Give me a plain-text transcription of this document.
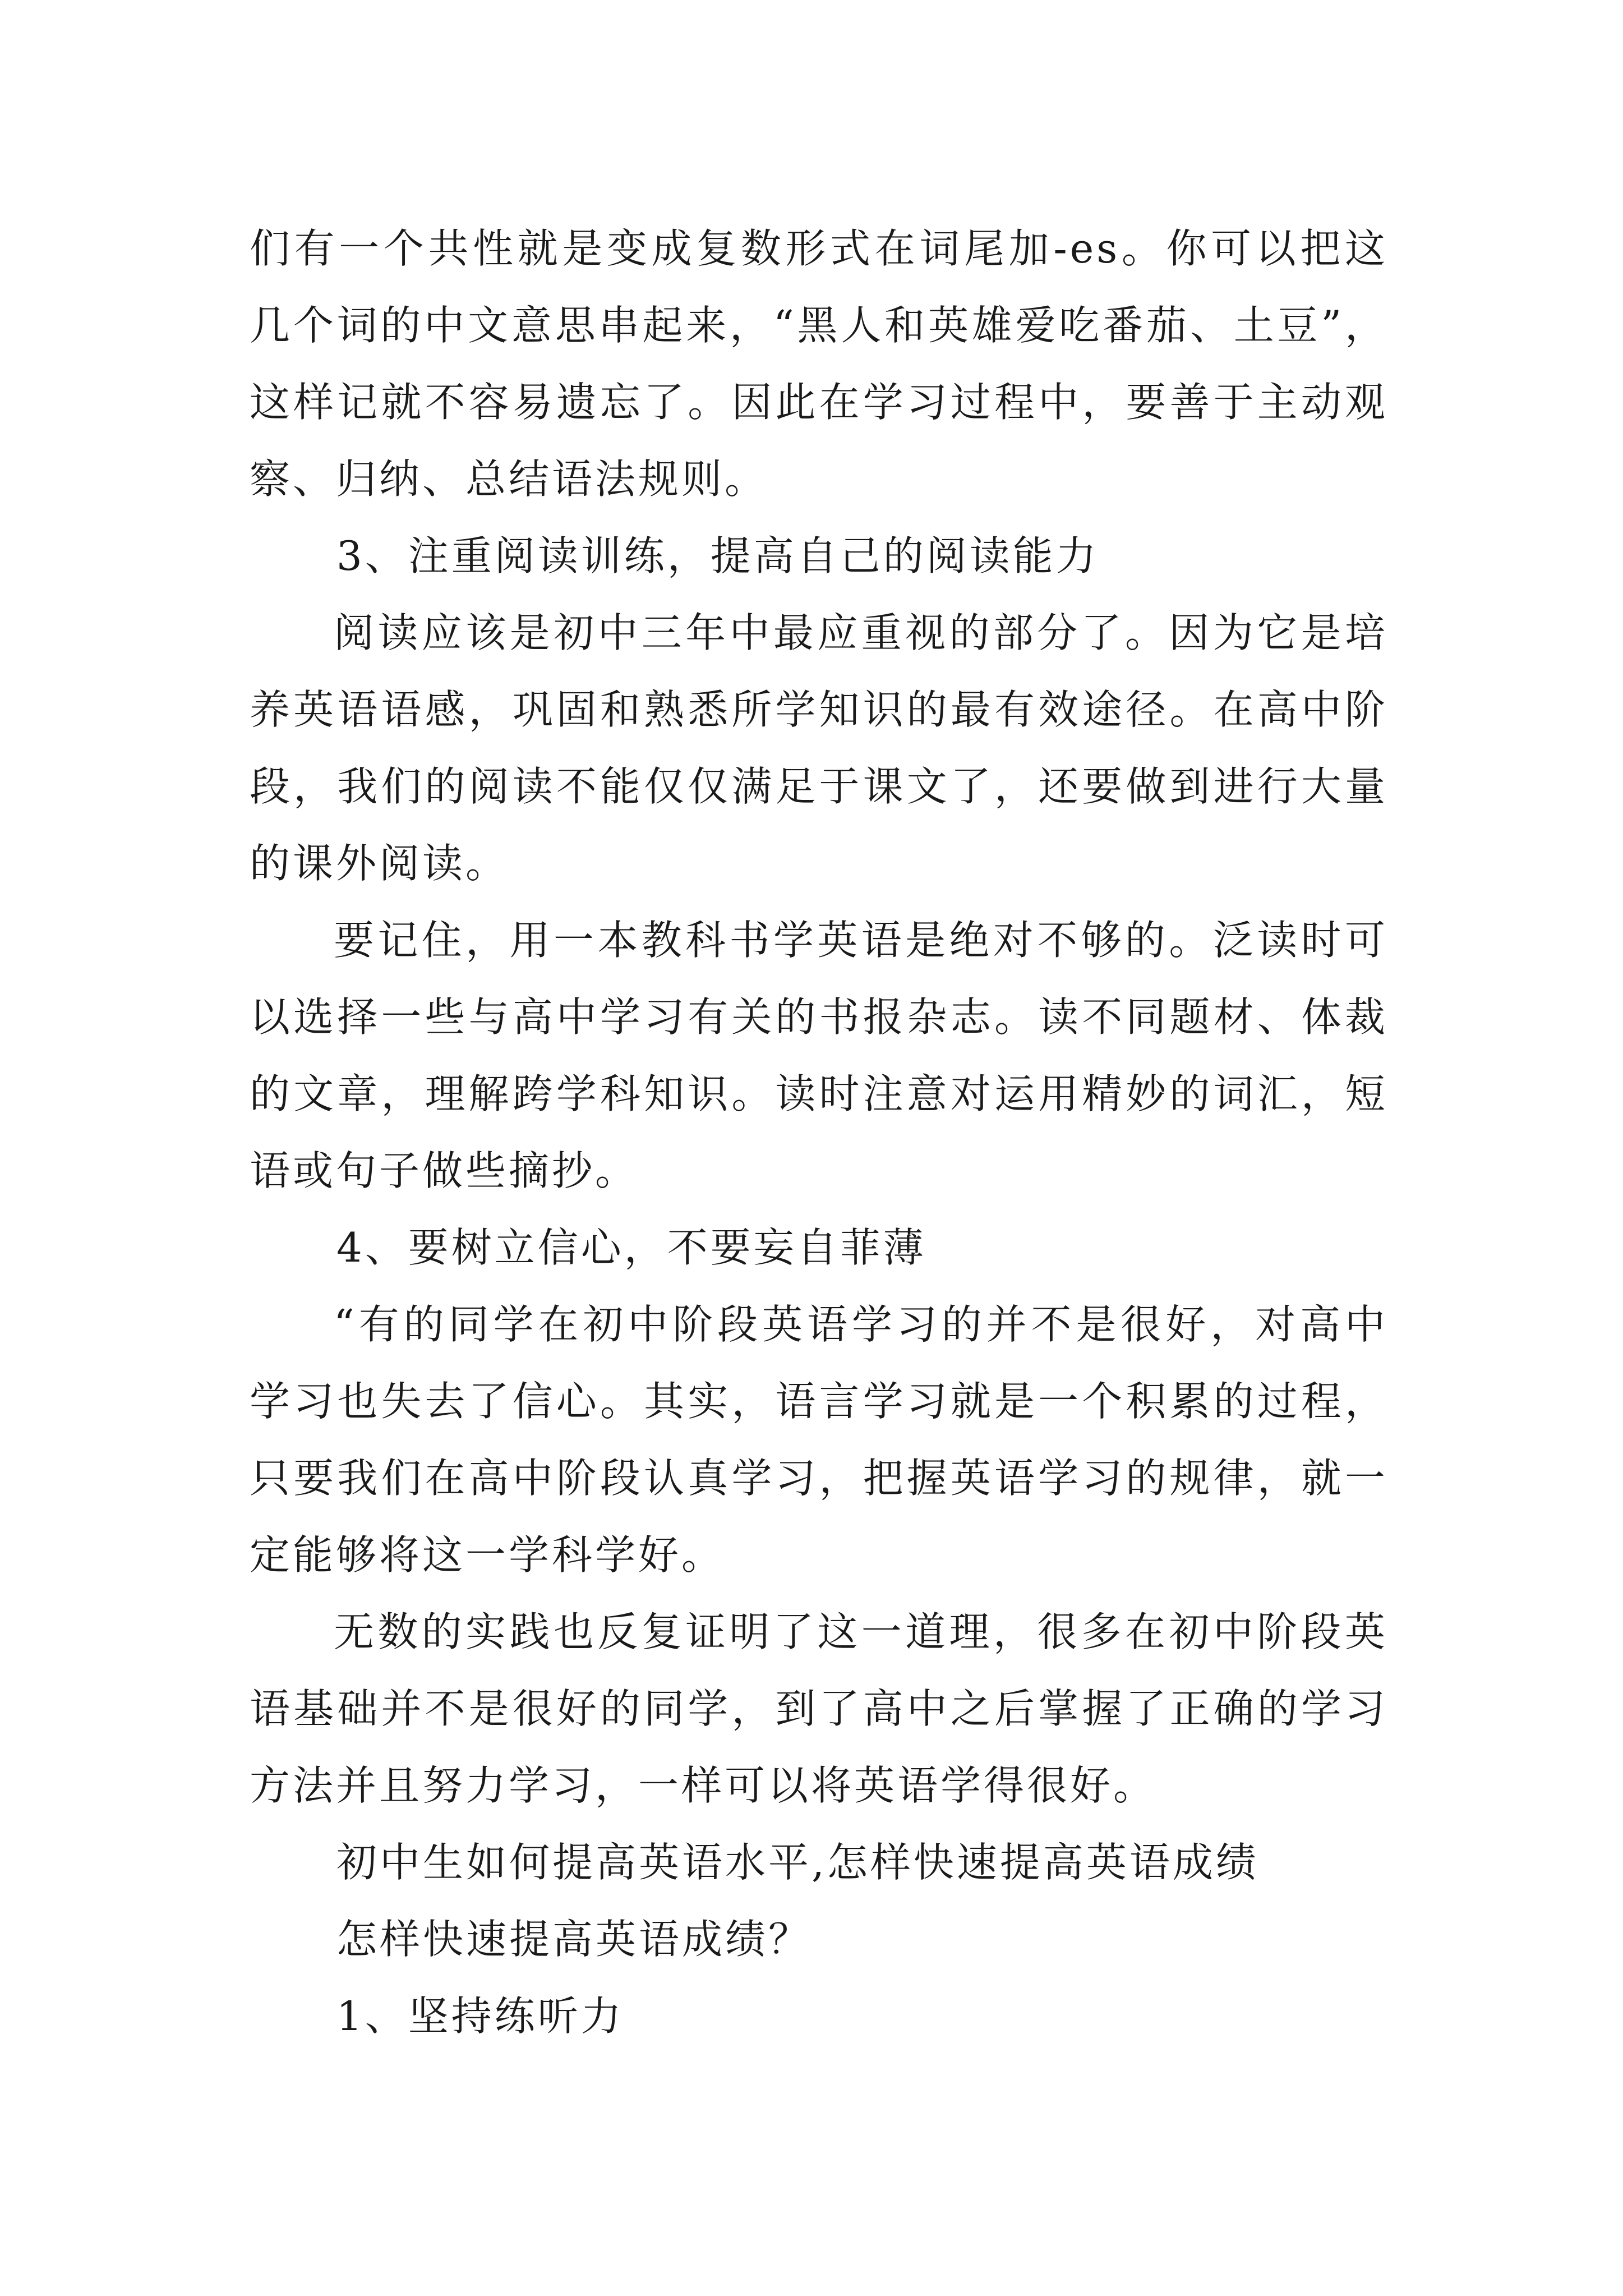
们有一个共性就是变成复数形式在词尾加-es。你可以把这几个词的中文意思串起来，“黑人和英雄爱吃番茄、土豆”，这样记就不容易遗忘了。因此在学习过程中，要善于主动观察、归纳、总结语法规则。

3、注重阅读训练，提高自己的阅读能力

阅读应该是初中三年中最应重视的部分了。因为它是培养英语语感，巩固和熟悉所学知识的最有效途径。在高中阶段，我们的阅读不能仅仅满足于课文了，还要做到进行大量的课外阅读。

要记住，用一本教科书学英语是绝对不够的。泛读时可以选择一些与高中学习有关的书报杂志。读不同题材、体裁的文章，理解跨学科知识。读时注意对运用精妙的词汇，短语或句子做些摘抄。

4、要树立信心，不要妄自菲薄

“有的同学在初中阶段英语学习的并不是很好，对高中学习也失去了信心。其实，语言学习就是一个积累的过程，只要我们在高中阶段认真学习，把握英语学习的规律，就一定能够将这一学科学好。

无数的实践也反复证明了这一道理，很多在初中阶段英语基础并不是很好的同学，到了高中之后掌握了正确的学习方法并且努力学习，一样可以将英语学得很好。

初中生如何提高英语水平,怎样快速提高英语成绩

怎样快速提高英语成绩？

1、坚持练听力
